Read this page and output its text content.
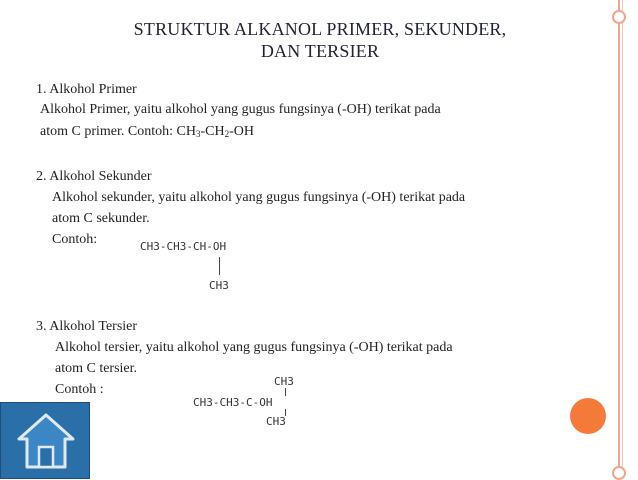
STRUKTUR ALKANOL PRIMER, SEKUNDER,
DAN TERSIER
1. Alkohol Primer
Alkohol Primer, yaitu alkohol yang gugus fungsinya (-OH) terikat pada
atom C primer. Contoh: $CH_3-CH_2-OH$
2. Alkohol Sekunder
Alkohol sekunder, yaitu alkohol yang gugus fungsinya (-OH) terikat pada
atom C sekunder.
Contoh:	CH3-CH3-CH-OH
CH3
3. Alkohol Tersier
Alkohol tersier, yaitu alkohol yang gugus fungsinya (-OH) terikat pada
atom C tersier.
Contoh :
CH3
CH3-CH3-C-OH
CH3
